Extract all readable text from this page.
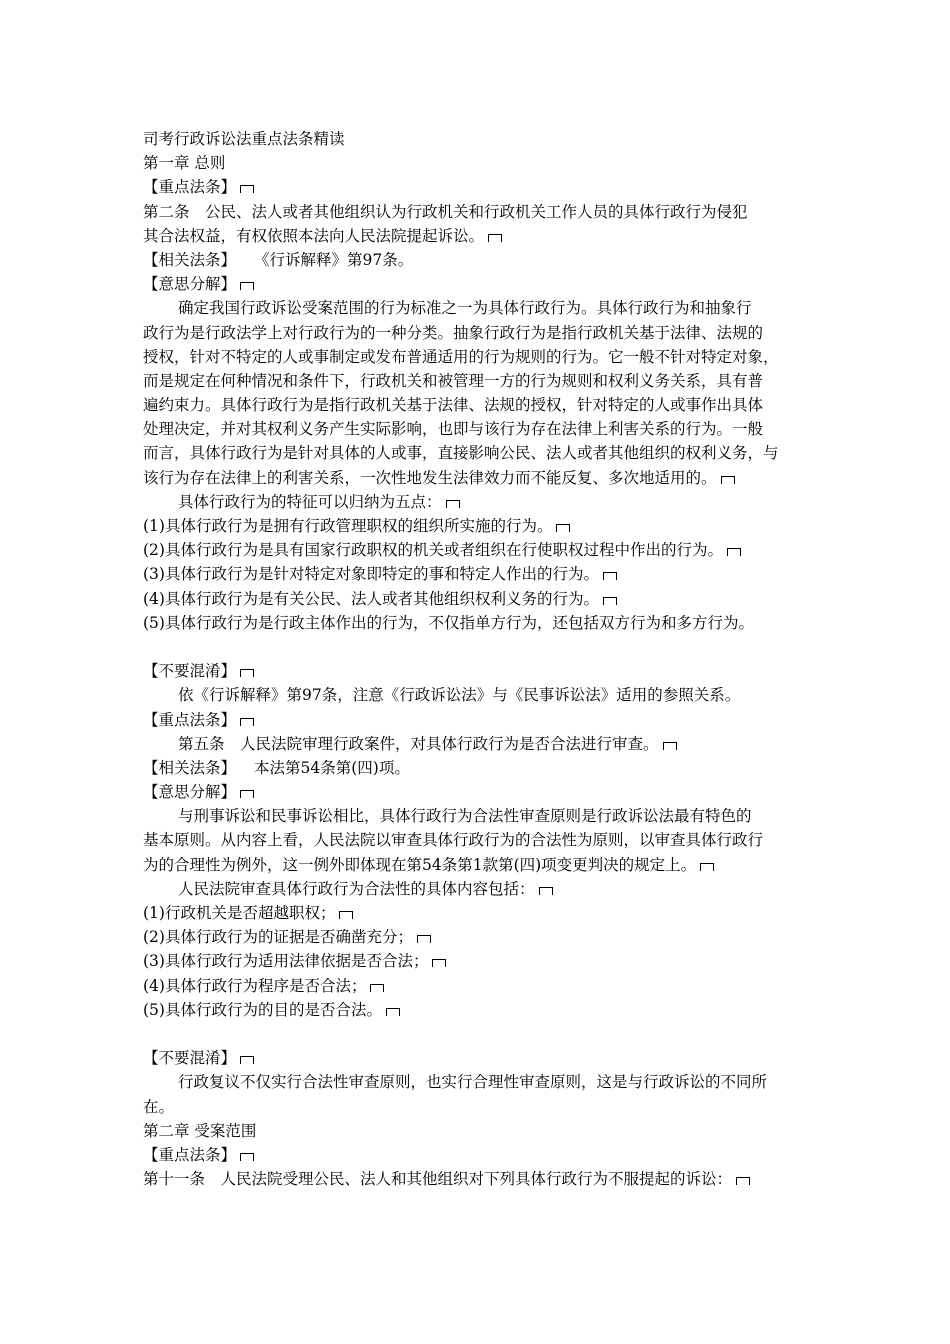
司考行政诉讼法重点法条精读
第一章 总则
【重点法条】
第二条　公民、法人或者其他组织认为行政机关和行政机关工作人员的具体行政行为侵犯
其合法权益，有权依照本法向人民法院提起诉讼。
【相关法条】 《行诉解释》第97条。
【意思分解】
确定我国行政诉讼受案范围的行为标准之一为具体行政行为。具体行政行为和抽象行
政行为是行政法学上对行政行为的一种分类。抽象行政行为是指行政机关基于法律、法规的
授权，针对不特定的人或事制定或发布普通适用的行为规则的行为。它一般不针对特定对象，
而是规定在何种情况和条件下，行政机关和被管理一方的行为规则和权利义务关系，具有普
遍约束力。具体行政行为是指行政机关基于法律、法规的授权，针对特定的人或事作出具体
处理决定，并对其权利义务产生实际影响，也即与该行为存在法律上利害关系的行为。一般
而言，具体行政行为是针对具体的人或事，直接影响公民、法人或者其他组织的权利义务，与
该行为存在法律上的利害关系，一次性地发生法律效力而不能反复、多次地适用的。
具体行政行为的特征可以归纳为五点：
(1)具体行政行为是拥有行政管理职权的组织所实施的行为。
(2)具体行政行为是具有国家行政职权的机关或者组织在行使职权过程中作出的行为。
(3)具体行政行为是针对特定对象即特定的事和特定人作出的行为。
(4)具体行政行为是有关公民、法人或者其他组织权利义务的行为。
(5)具体行政行为是行政主体作出的行为，不仅指单方行为，还包括双方行为和多方行为。
【不要混淆】
依《行诉解释》第97条，注意《行政诉讼法》与《民事诉讼法》适用的参照关系。
【重点法条】
第五条　人民法院审理行政案件，对具体行政行为是否合法进行审查。
【相关法条】 本法第54条第(四)项。
【意思分解】
与刑事诉讼和民事诉讼相比，具体行政行为合法性审查原则是行政诉讼法最有特色的
基本原则。从内容上看，人民法院以审查具体行政行为的合法性为原则，以审查具体行政行
为的合理性为例外，这一例外即体现在第54条第1款第(四)项变更判决的规定上。
人民法院审查具体行政行为合法性的具体内容包括：
(1)行政机关是否超越职权；
(2)具体行政行为的证据是否确凿充分；
(3)具体行政行为适用法律依据是否合法；
(4)具体行政行为程序是否合法；
(5)具体行政行为的目的是否合法。
【不要混淆】
行政复议不仅实行合法性审查原则，也实行合理性审查原则，这是与行政诉讼的不同所
在。
第二章 受案范围
【重点法条】
第十一条　人民法院受理公民、法人和其他组织对下列具体行政行为不服提起的诉讼：
